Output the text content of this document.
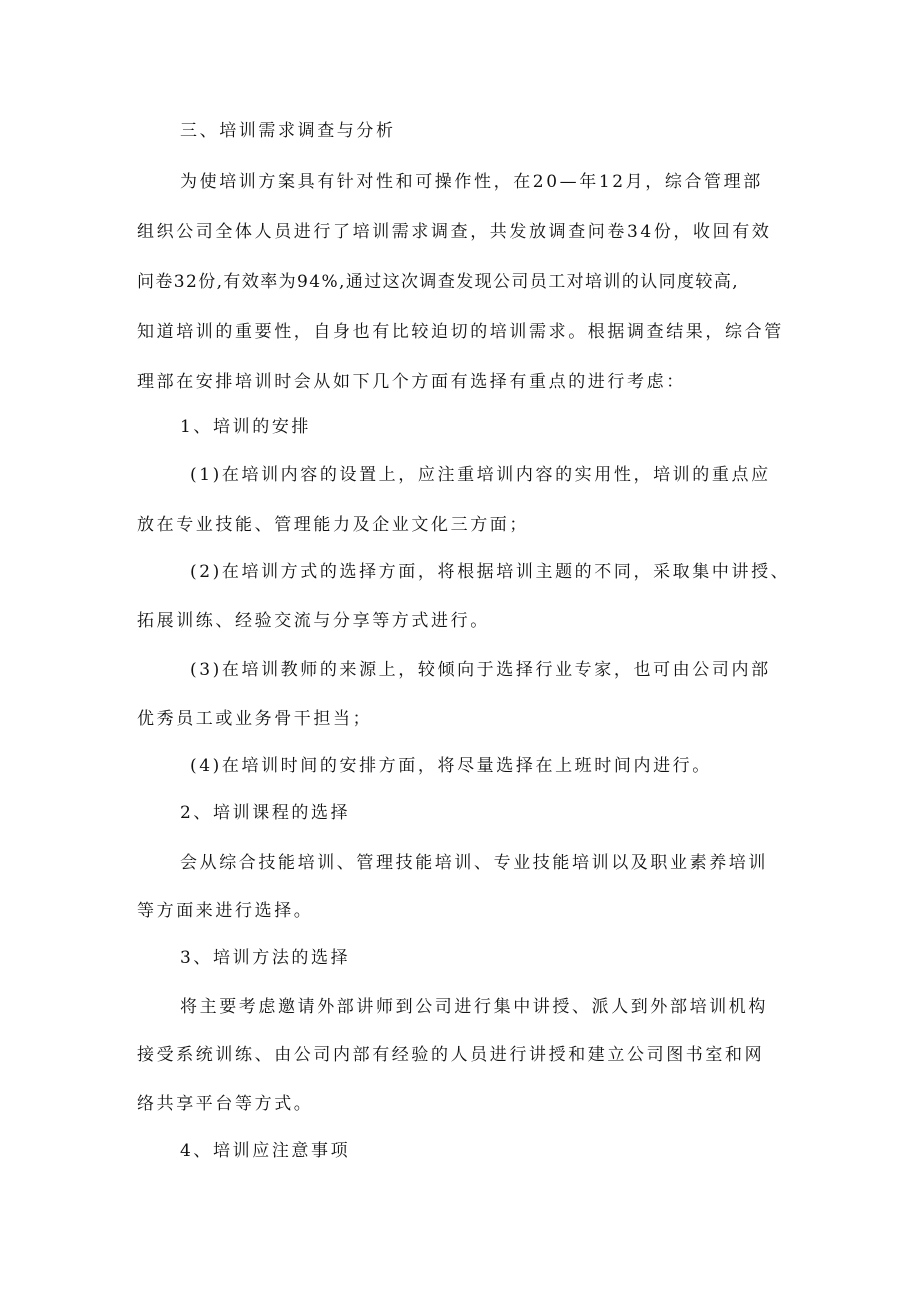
三、培训需求调查与分析
为使培训方案具有针对性和可操作性，在20—年12月，综合管理部
组织公司全体人员进行了培训需求调查，共发放调查问卷34份，收回有效
问卷32份,有效率为94%,通过这次调查发现公司员工对培训的认同度较高,
知道培训的重要性，自身也有比较迫切的培训需求。根据调查结果，综合管
理部在安排培训时会从如下几个方面有选择有重点的进行考虑：
1、培训的安排
(1)在培训内容的设置上，应注重培训内容的实用性，培训的重点应
放在专业技能、管理能力及企业文化三方面；
(2)在培训方式的选择方面，将根据培训主题的不同，采取集中讲授、
拓展训练、经验交流与分享等方式进行。
(3)在培训教师的来源上，较倾向于选择行业专家，也可由公司内部
优秀员工或业务骨干担当；
(4)在培训时间的安排方面，将尽量选择在上班时间内进行。
2、培训课程的选择
会从综合技能培训、管理技能培训、专业技能培训以及职业素养培训
等方面来进行选择。
3、培训方法的选择
将主要考虑邀请外部讲师到公司进行集中讲授、派人到外部培训机构
接受系统训练、由公司内部有经验的人员进行讲授和建立公司图书室和网
络共享平台等方式。
4、培训应注意事项
